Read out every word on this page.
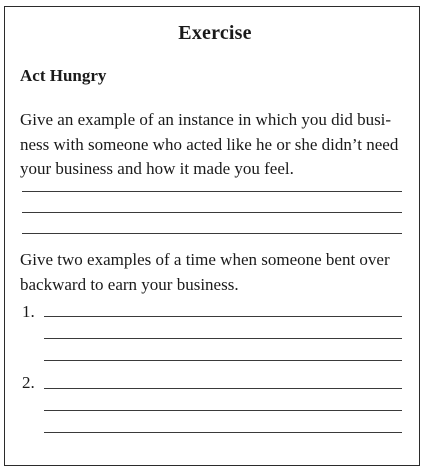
Exercise
Act Hungry
Give an example of an instance in which you did busi-
ness with someone who acted like he or she didn’t need
your business and how it made you feel.
Give two examples of a time when someone bent over
backward to earn your business.
1.
2.
